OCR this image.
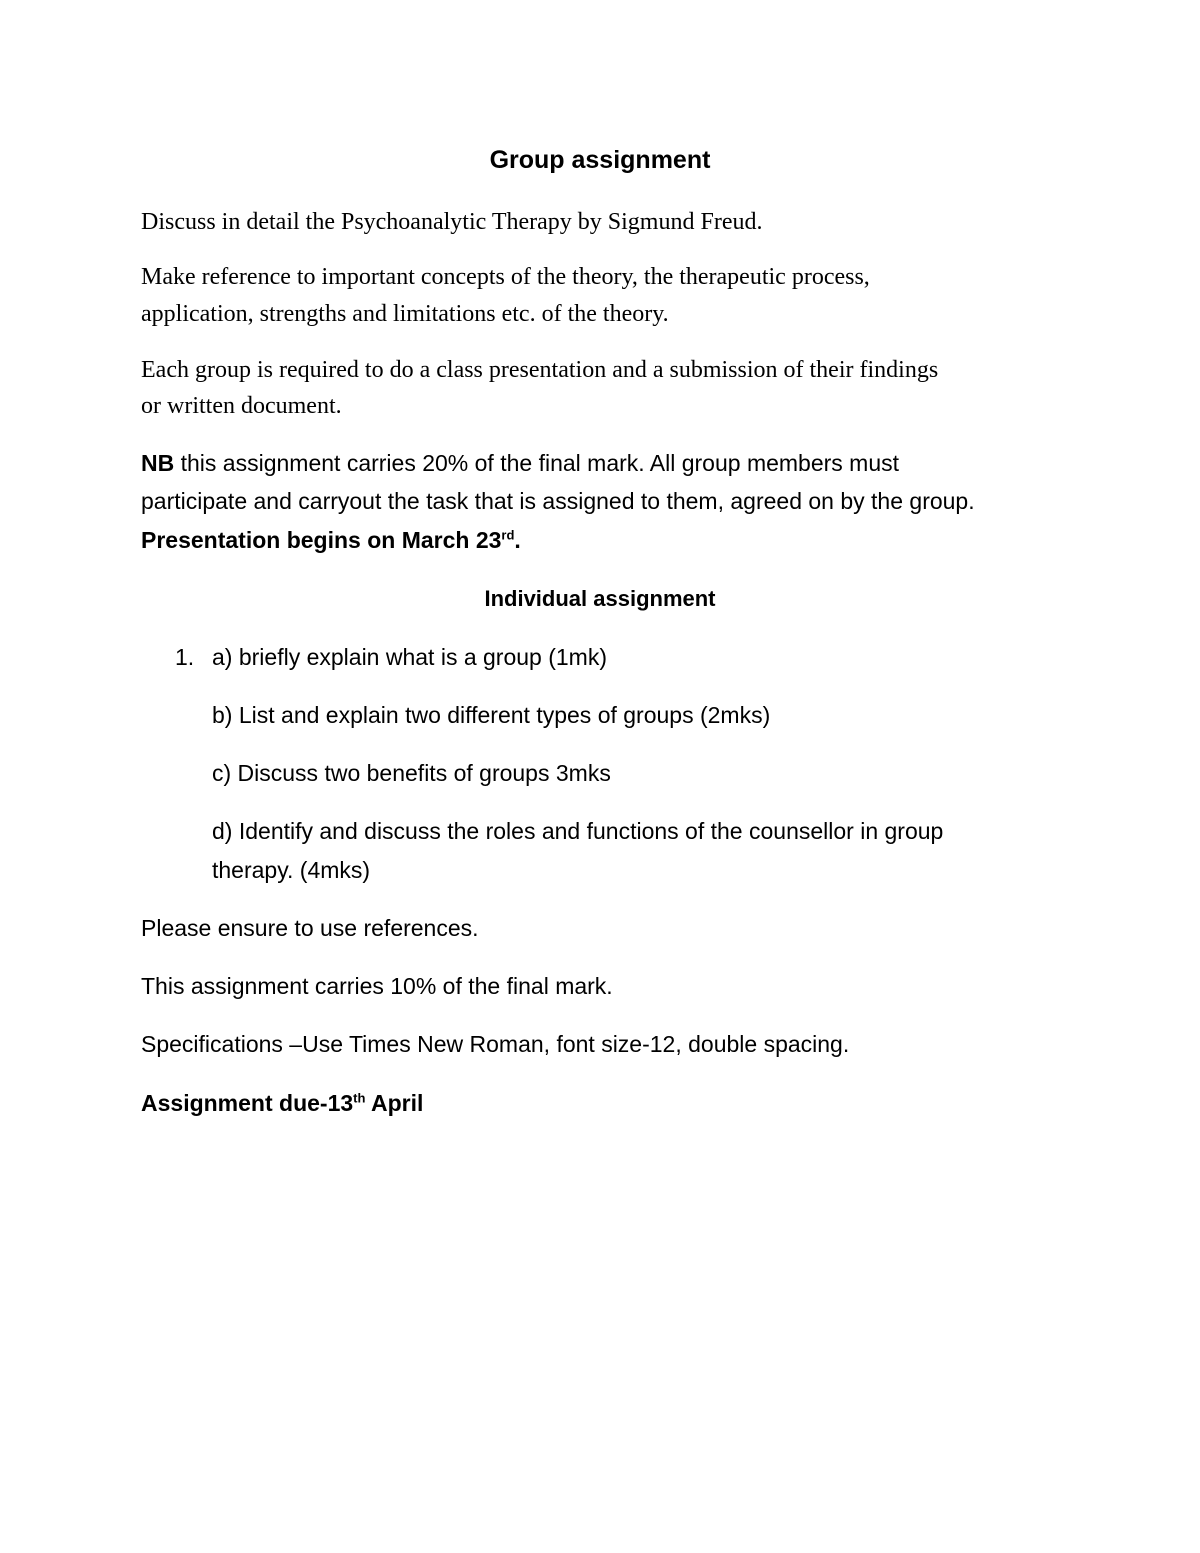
Group assignment

Discuss in detail the Psychoanalytic Therapy by Sigmund Freud.

Make reference to important concepts of the theory, the therapeutic process,

application, strengths and limitations etc. of the theory.

Each group is required to do a class presentation and a submission of their findings

or written document.

NB this assignment carries 20% of the final mark. All group members must

participate and carryout the task that is assigned to them, agreed on by the group.

Presentation begins on March 23rd.

Individual assignment
1. a) briefly explain what is a group (1mk)

b) List and explain two different types of groups (2mks)

c) Discuss two benefits of groups 3mks

d) Identify and discuss the roles and functions of the counsellor in group

therapy. (4mks)

Please ensure to use references.

This assignment carries 10% of the final mark.

Specifications –Use Times New Roman, font size-12, double spacing.

Assignment due-13th April
